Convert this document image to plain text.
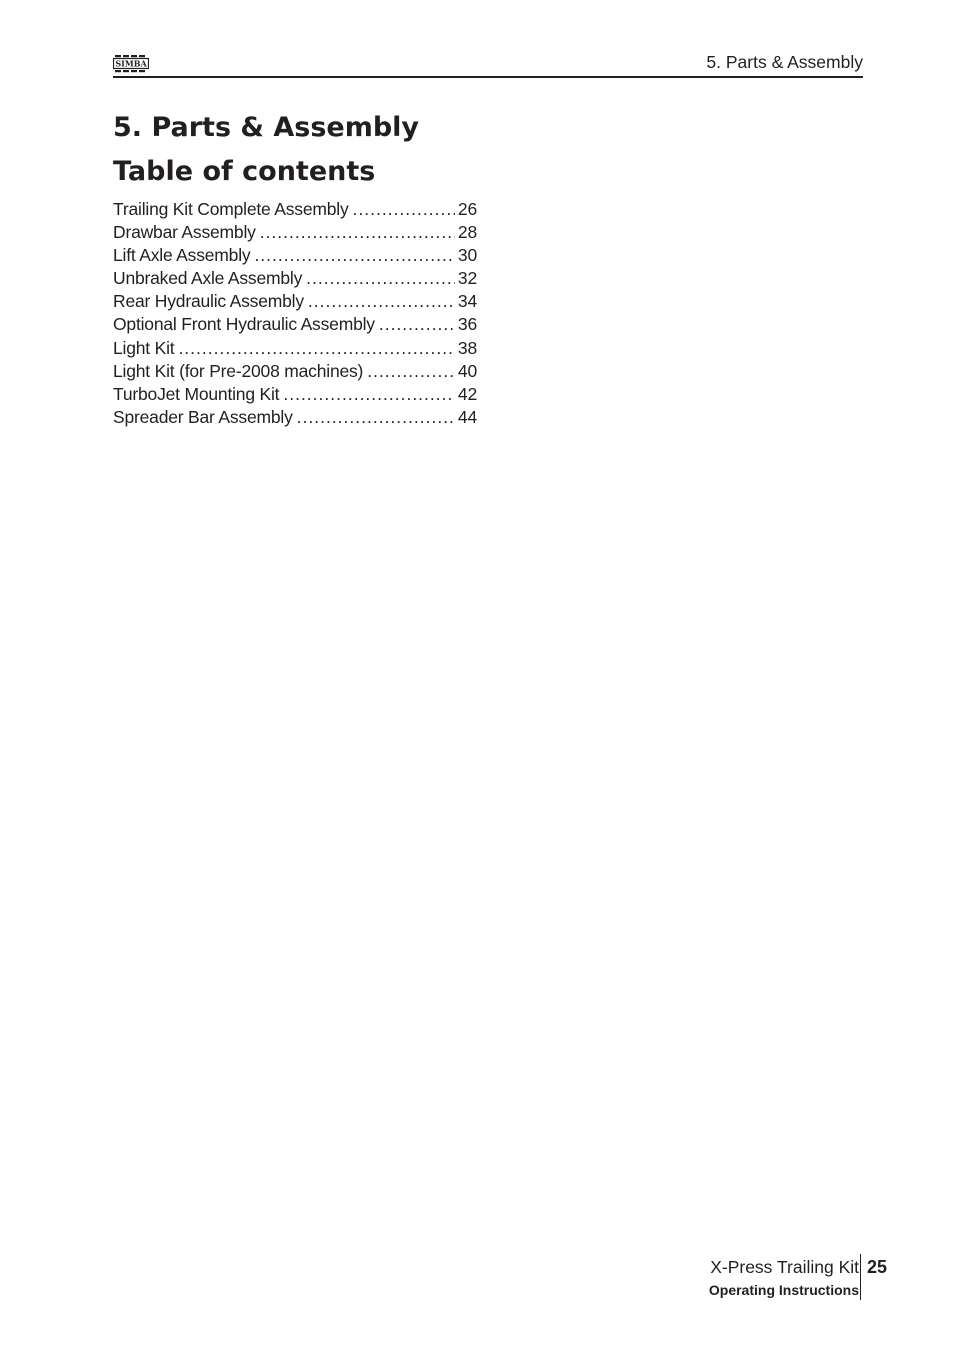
SIMBA	5. Parts & Assembly
5. Parts & Assembly
Table of contents
Trailing Kit Complete Assembly .....	26
Drawbar Assembly .....	28
Lift Axle Assembly .....	30
Unbraked Axle Assembly .....	32
Rear Hydraulic Assembly .....	34
Optional Front Hydraulic Assembly .....	36
Light Kit .....	38
Light Kit (for Pre-2008 machines) .....	40
TurboJet Mounting Kit .....	42
Spreader Bar Assembly .....	44
X-Press Trailing Kit
Operating Instructions
25
